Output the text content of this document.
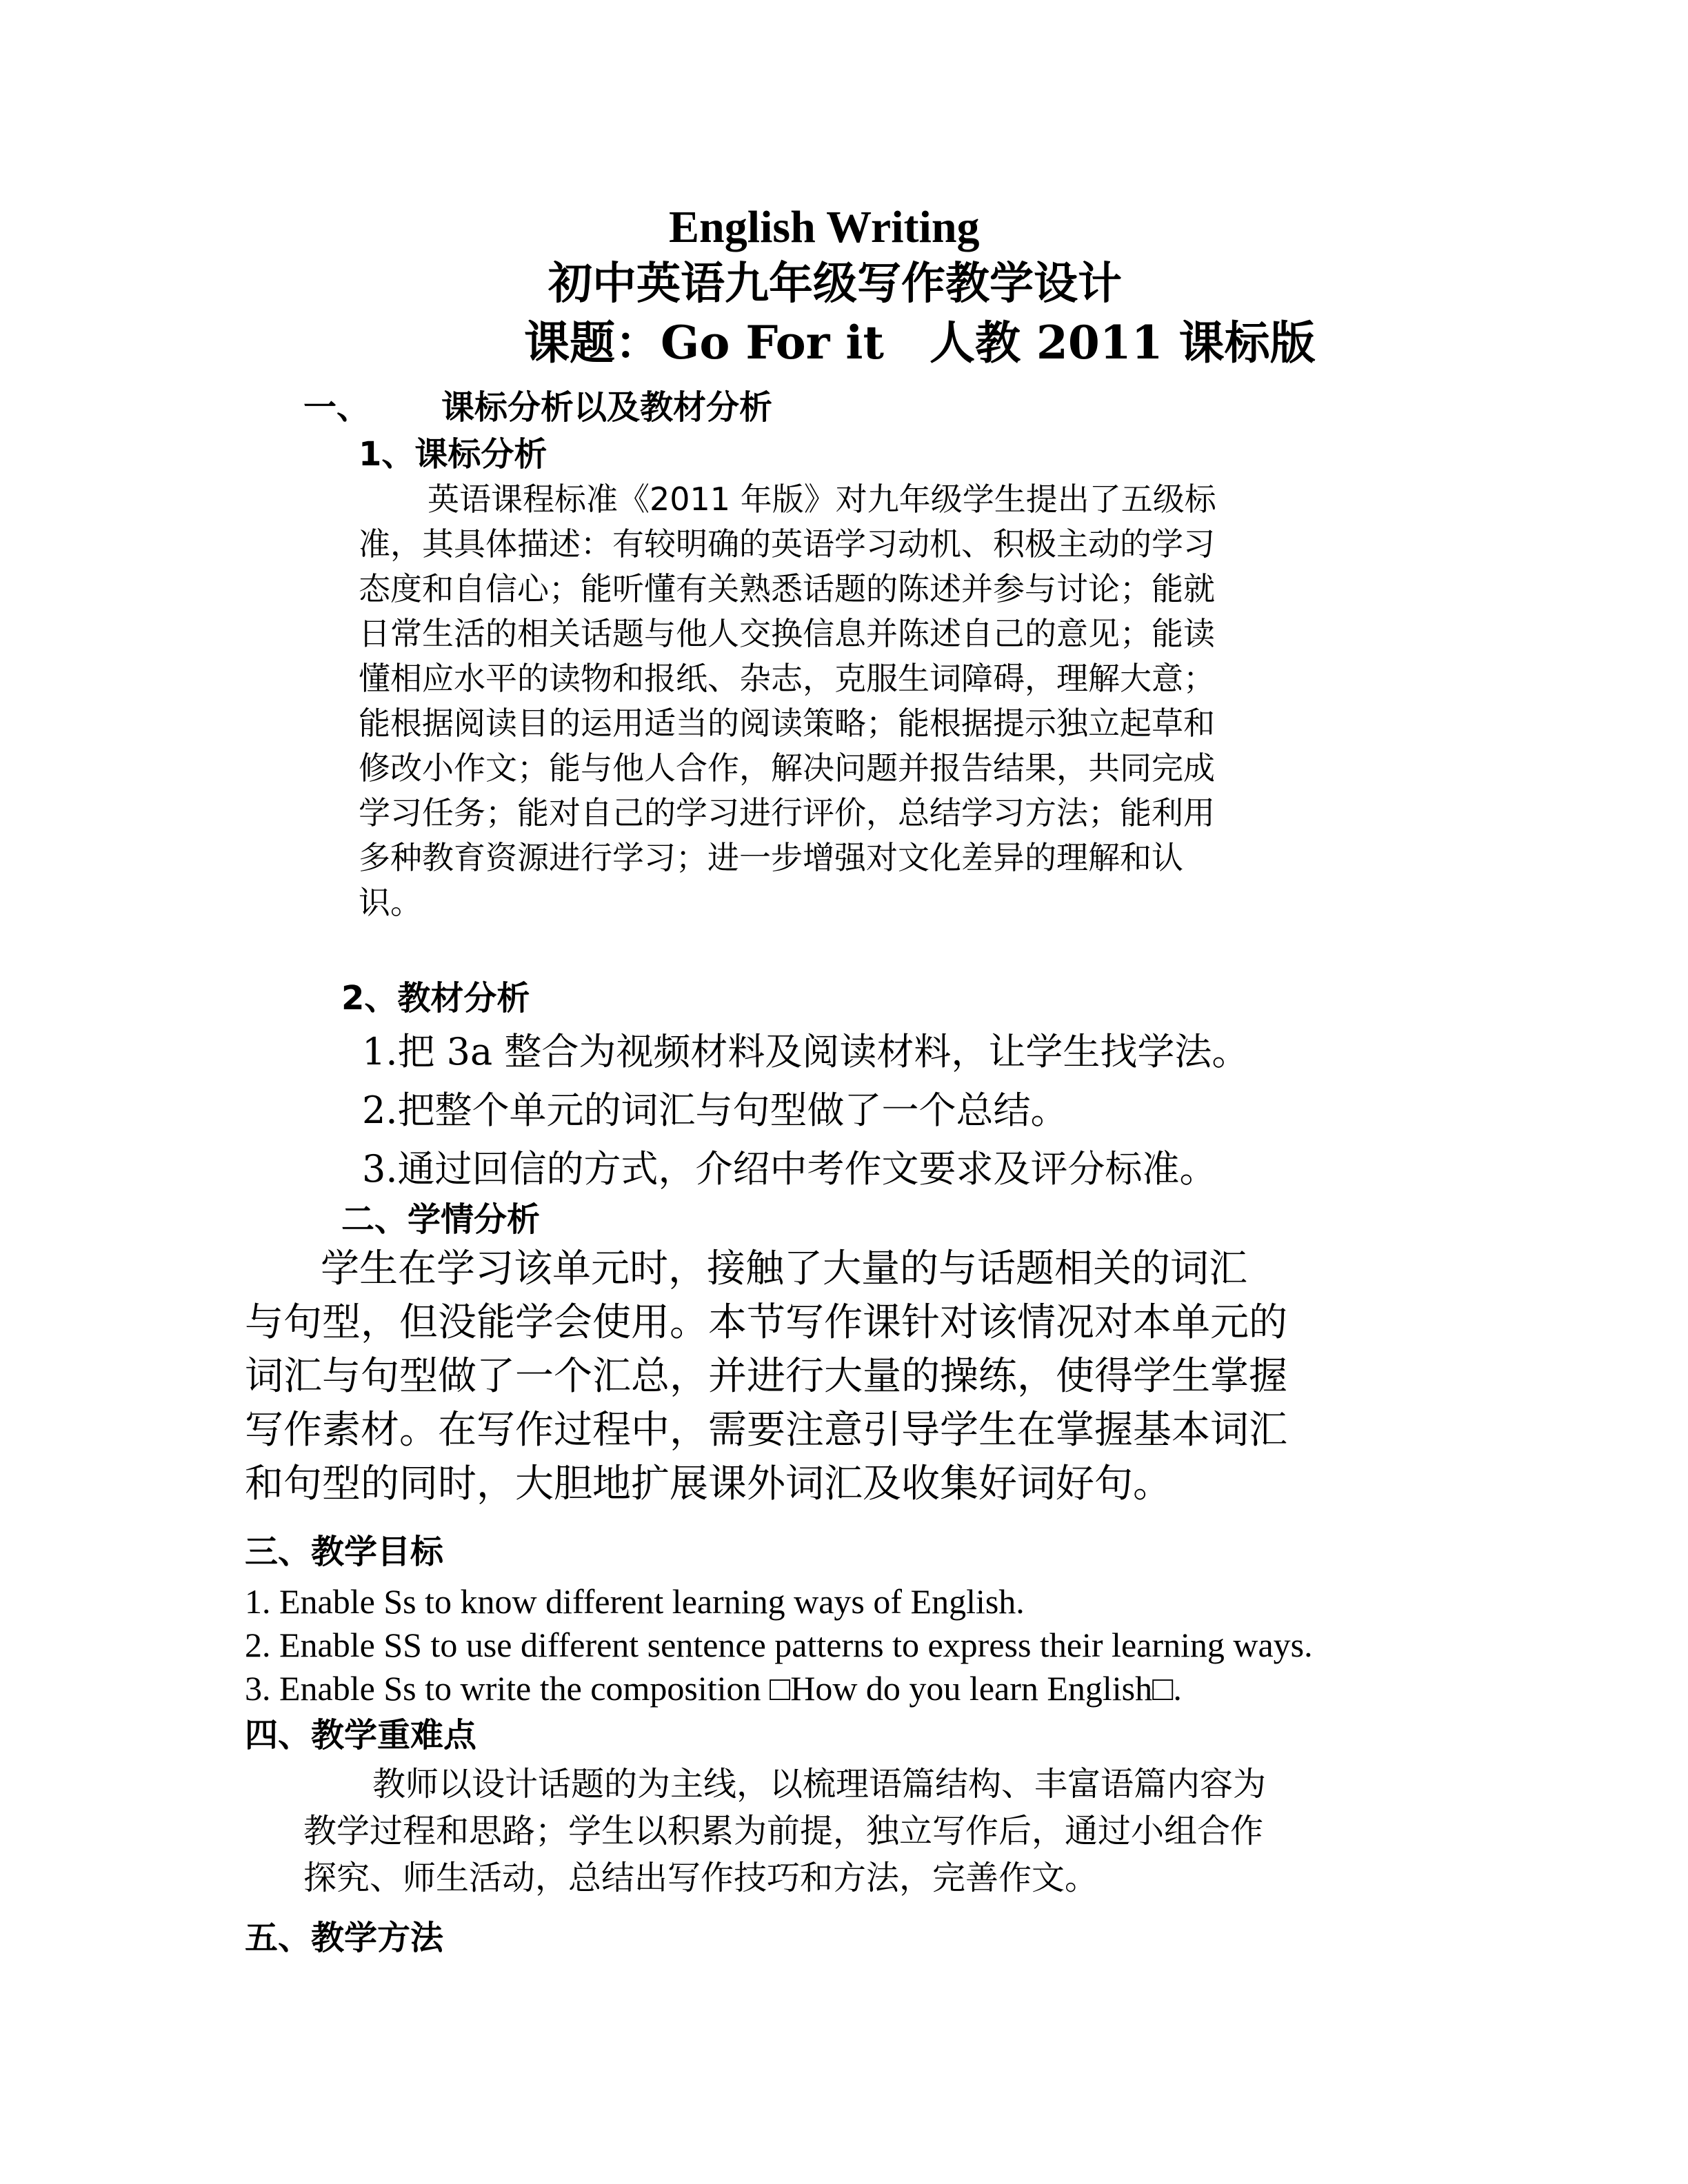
English Writing
初中英语九年级写作教学设计
课题：Go For it　人教 2011 课标版
一、 课标分析以及教材分析
1、课标分析
英语课程标准《2011 年版》对九年级学生提出了五级标
准，其具体描述：有较明确的英语学习动机、积极主动的学习
态度和自信心；能听懂有关熟悉话题的陈述并参与讨论；能就
日常生活的相关话题与他人交换信息并陈述自己的意见；能读
懂相应水平的读物和报纸、杂志，克服生词障碍，理解大意；
能根据阅读目的运用适当的阅读策略；能根据提示独立起草和
修改小作文；能与他人合作，解决问题并报告结果，共同完成
学习任务；能对自己的学习进行评价，总结学习方法；能利用
多种教育资源进行学习；进一步增强对文化差异的理解和认
识。
2、教材分析
1.把 3a 整合为视频材料及阅读材料，让学生找学法。
2.把整个单元的词汇与句型做了一个总结。
3.通过回信的方式，介绍中考作文要求及评分标准。
二、学情分析
学生在学习该单元时，接触了大量的与话题相关的词汇
与句型，但没能学会使用。本节写作课针对该情况对本单元的
词汇与句型做了一个汇总，并进行大量的操练，使得学生掌握
写作素材。在写作过程中，需要注意引导学生在掌握基本词汇
和句型的同时，大胆地扩展课外词汇及收集好词好句。
三、教学目标
1. Enable Ss to know different learning ways of English.
2. Enable SS to use different sentence patterns to express their learning ways.
3. Enable Ss to write the composition □How do you learn English□.
四、教学重难点
教师以设计话题的为主线，以梳理语篇结构、丰富语篇内容为
教学过程和思路；学生以积累为前提，独立写作后，通过小组合作
探究、师生活动，总结出写作技巧和方法，完善作文。
五、教学方法
